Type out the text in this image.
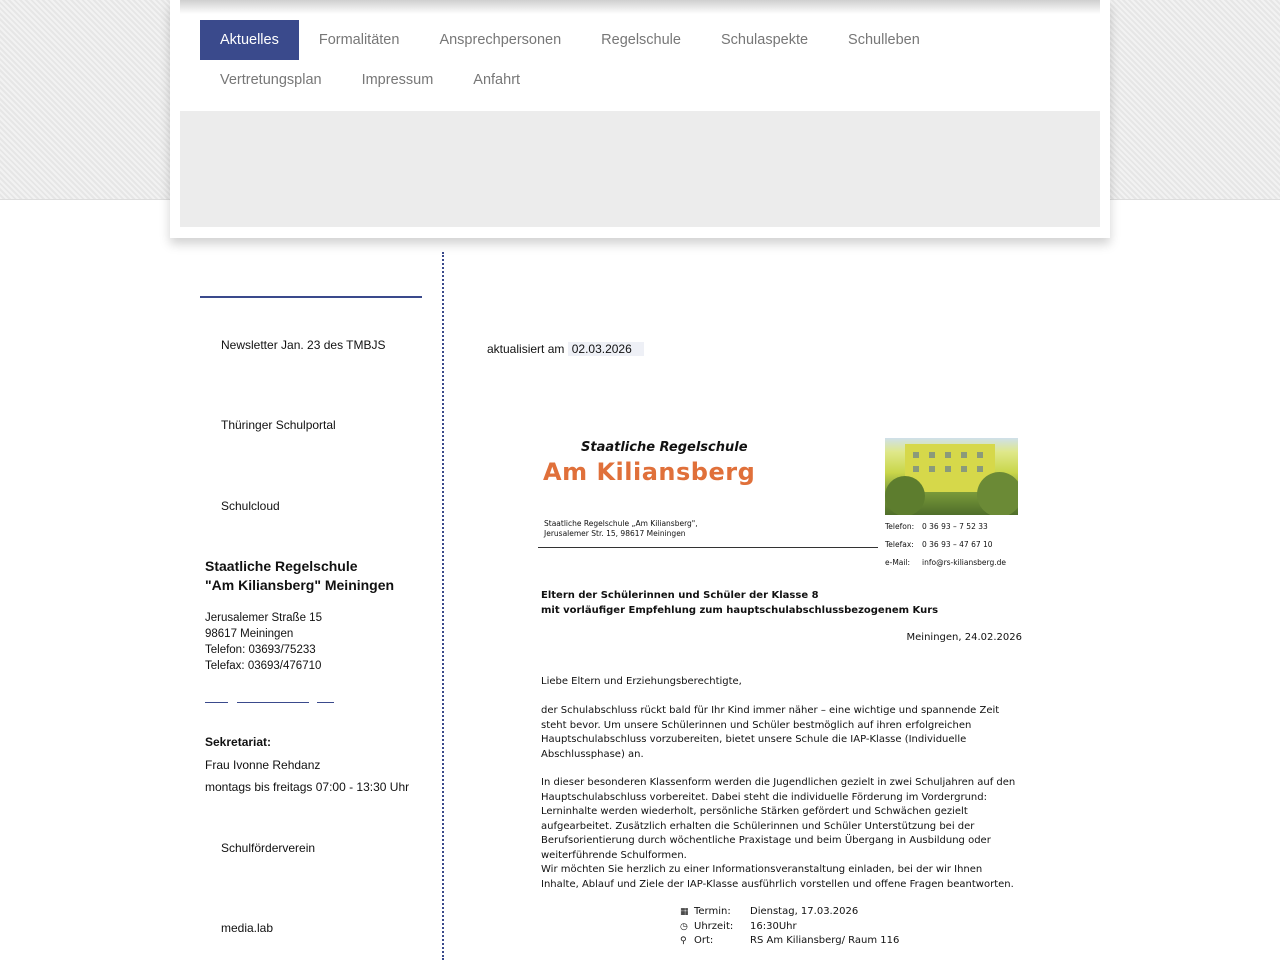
Aktuelles	Formalitäten	Ansprechpersonen	Regelschule	Schulaspekte	Schulleben
Vertretungsplan	Impressum	Anfahrt
Newsletter Jan. 23 des TMBJS
Thüringer Schulportal
Schulcloud
Staatliche Regelschule
"Am Kiliansberg" Meiningen
Jerusalemer Straße 15
98617 Meiningen
Telefon: 03693/75233
Telefax: 03693/476710
Sekretariat:
Frau Ivonne Rehdanz
montags bis freitags 07:00 - 13:30 Uhr
Schulförderverein
media.lab
aktualisiert am 02.03.2026
Staatliche Regelschule
Am Kiliansberg
Staatliche Regelschule „Am Kiliansberg",
Jerusalemer Str. 15, 98617 Meiningen
Telefon: 0 36 93 – 7 52 33
Telefax: 0 36 93 – 47 67 10
e-Mail: info@rs-kiliansberg.de
Eltern der Schülerinnen und Schüler der Klasse 8
mit vorläufiger Empfehlung zum hauptschulabschlussbezogenem Kurs
Meiningen, 24.02.2026
Liebe Eltern und Erziehungsberechtigte,
der Schulabschluss rückt bald für Ihr Kind immer näher – eine wichtige und spannende Zeit steht bevor. Um unsere Schülerinnen und Schüler bestmöglich auf ihren erfolgreichen Hauptschulabschluss vorzubereiten, bietet unsere Schule die IAP-Klasse (Individuelle Abschlussphase) an.
In dieser besonderen Klassenform werden die Jugendlichen gezielt in zwei Schuljahren auf den Hauptschulabschluss vorbereitet. Dabei steht die individuelle Förderung im Vordergrund: Lerninhalte werden wiederholt, persönliche Stärken gefördert und Schwächen gezielt aufgearbeitet. Zusätzlich erhalten die Schülerinnen und Schüler Unterstützung bei der Berufsorientierung durch wöchentliche Praxistage und beim Übergang in Ausbildung oder weiterführende Schulformen.
Wir möchten Sie herzlich zu einer Informationsveranstaltung einladen, bei der wir Ihnen Inhalte, Ablauf und Ziele der IAP-Klasse ausführlich vorstellen und offene Fragen beantworten.
▦ Termin:	Dienstag, 17.03.2026
◷ Uhrzeit:	16:30Uhr
⚲ Ort:	RS Am Kiliansberg/ Raum 116
